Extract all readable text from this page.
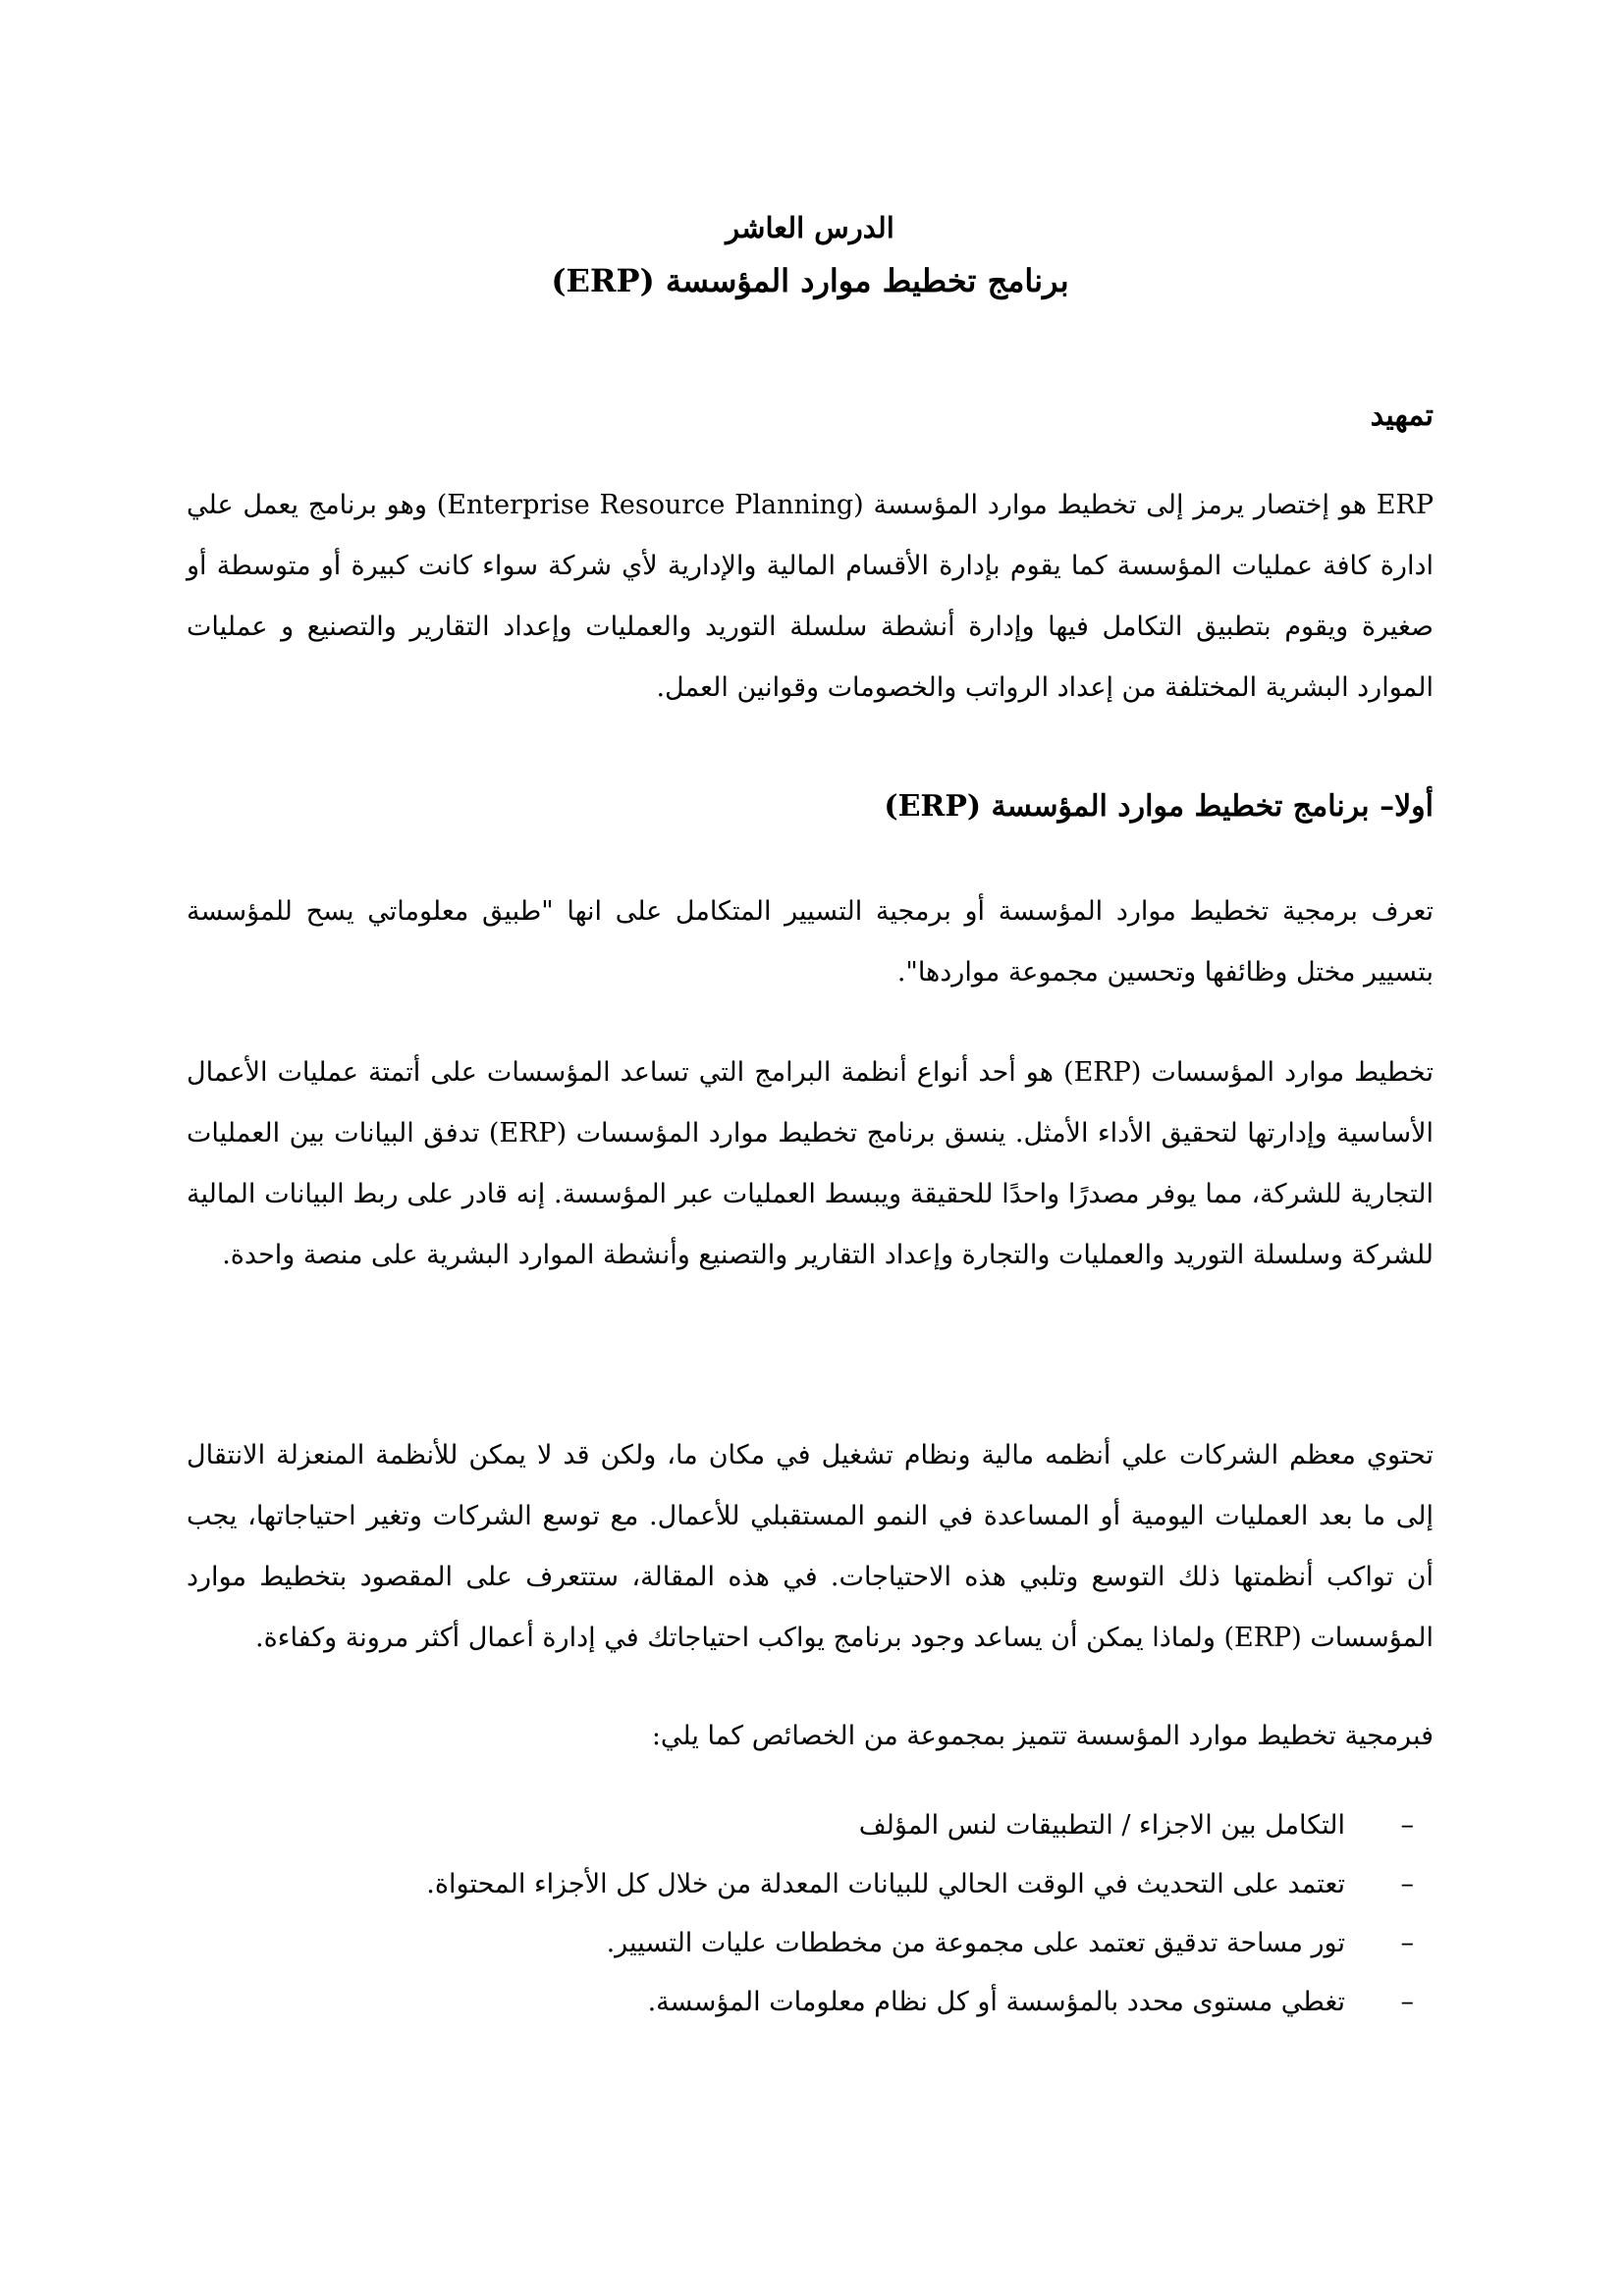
الدرس العاشر
برنامج تخطيط موارد المؤسسة (ERP)

تمهيد

ERP هو إختصار يرمز إلى تخطيط موارد المؤسسة (Enterprise Resource Planning) وهو برنامج يعمل علي ادارة كافة عمليات المؤسسة كما يقوم بإدارة الأقسام المالية والإدارية لأي شركة سواء كانت كبيرة أو متوسطة أو صغيرة ويقوم بتطبيق التكامل فيها وإدارة أنشطة سلسلة التوريد والعمليات وإعداد التقارير والتصنيع و عمليات الموارد البشرية المختلفة من إعداد الرواتب والخصومات وقوانين العمل.

أولا– برنامج تخطيط موارد المؤسسة (ERP)

تعرف برمجية تخطيط موارد المؤسسة أو برمجية التسيير المتكامل على انها "طبيق معلوماتي يسح للمؤسسة بتسيير مختل وظائفها وتحسين مجموعة مواردها".

تخطيط موارد المؤسسات (ERP) هو أحد أنواع أنظمة البرامج التي تساعد المؤسسات على أتمتة عمليات الأعمال الأساسية وإدارتها لتحقيق الأداء الأمثل. ينسق برنامج تخطيط موارد المؤسسات (ERP) تدفق البيانات بين العمليات التجارية للشركة، مما يوفر مصدرًا واحدًا للحقيقة ويبسط العمليات عبر المؤسسة. إنه قادر على ربط البيانات المالية للشركة وسلسلة التوريد والعمليات والتجارة وإعداد التقارير والتصنيع وأنشطة الموارد البشرية على منصة واحدة.

تحتوي معظم الشركات علي أنظمه مالية ونظام تشغيل في مكان ما، ولكن قد لا يمكن للأنظمة المنعزلة الانتقال إلى ما بعد العمليات اليومية أو المساعدة في النمو المستقبلي للأعمال. مع توسع الشركات وتغير احتياجاتها، يجب أن تواكب أنظمتها ذلك التوسع وتلبي هذه الاحتياجات. في هذه المقالة، ستتعرف على المقصود بتخطيط موارد المؤسسات (ERP) ولماذا يمكن أن يساعد وجود برنامج يواكب احتياجاتك في إدارة أعمال أكثر مرونة وكفاءة.

فبرمجية تخطيط موارد المؤسسة تتميز بمجموعة من الخصائص كما يلي:

–
التكامل بين الاجزاء / التطبيقات لنس المؤلف
–
تعتمد على التحديث في الوقت الحالي للبيانات المعدلة من خلال كل الأجزاء المحتواة.
–
تور مساحة تدقيق تعتمد على مجموعة من مخططات عليات التسيير.
–
تغطي مستوى محدد بالمؤسسة أو كل نظام معلومات المؤسسة.
